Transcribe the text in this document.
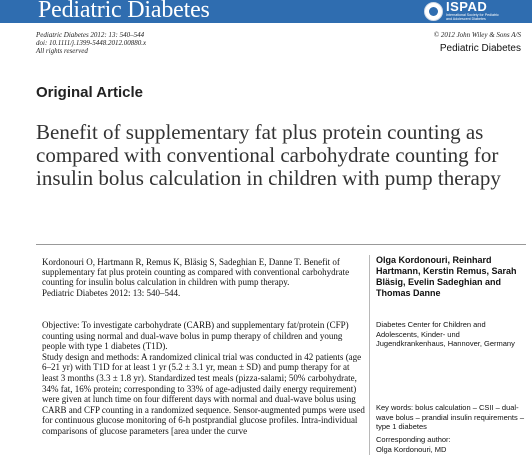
Pediatric Diabetes	ISPAD
International Society for Pediatric
and Adolescent Diabetes
Pediatric Diabetes 2012: 13: 540–544
doi: 10.1111/j.1399-5448.2012.00880.x
All rights reserved
© 2012 John Wiley & Sons A/S
Pediatric Diabetes
Original Article
Benefit of supplementary fat plus protein counting as compared with conventional carbohydrate counting for insulin bolus calculation in children with pump therapy
Kordonouri O, Hartmann R, Remus K, Bläsig S, Sadeghian E, Danne T. Benefit of supplementary fat plus protein counting as compared with conventional carbohydrate counting for insulin bolus calculation in children with pump therapy.
Pediatric Diabetes 2012: 13: 540–544.

Objective: To investigate carbohydrate (CARB) and supplementary fat/protein (CFP) counting using normal and dual-wave bolus in pump therapy of children and young people with type 1 diabetes (T1D).

Study design and methods: A randomized clinical trial was conducted in 42 patients (age 6–21 yr) with T1D for at least 1 yr (5.2 ± 3.1 yr, mean ± SD) and pump therapy for at least 3 months (3.3 ± 1.8 yr). Standardized test meals (pizza-salami; 50% carbohydrate, 34% fat, 16% protein; corresponding to 33% of age-adjusted daily energy requirement) were given at lunch time on four different days with normal and dual-wave bolus using CARB and CFP counting in a randomized sequence. Sensor-augmented pumps were used for continuous glucose monitoring of 6-h postprandial glucose profiles. Intra-individual comparisons of glucose parameters [area under the curve

Olga Kordonouri, Reinhard Hartmann, Kerstin Remus, Sarah Bläsig, Evelin Sadeghian and Thomas Danne
Diabetes Center for Children and Adolescents, Kinder- und Jugendkrankenhaus, Hannover, Germany
Key words: bolus calculation – CSII – dual-wave bolus – prandial insulin requirements – type 1 diabetes
Corresponding author:
Olga Kordonouri, MD
